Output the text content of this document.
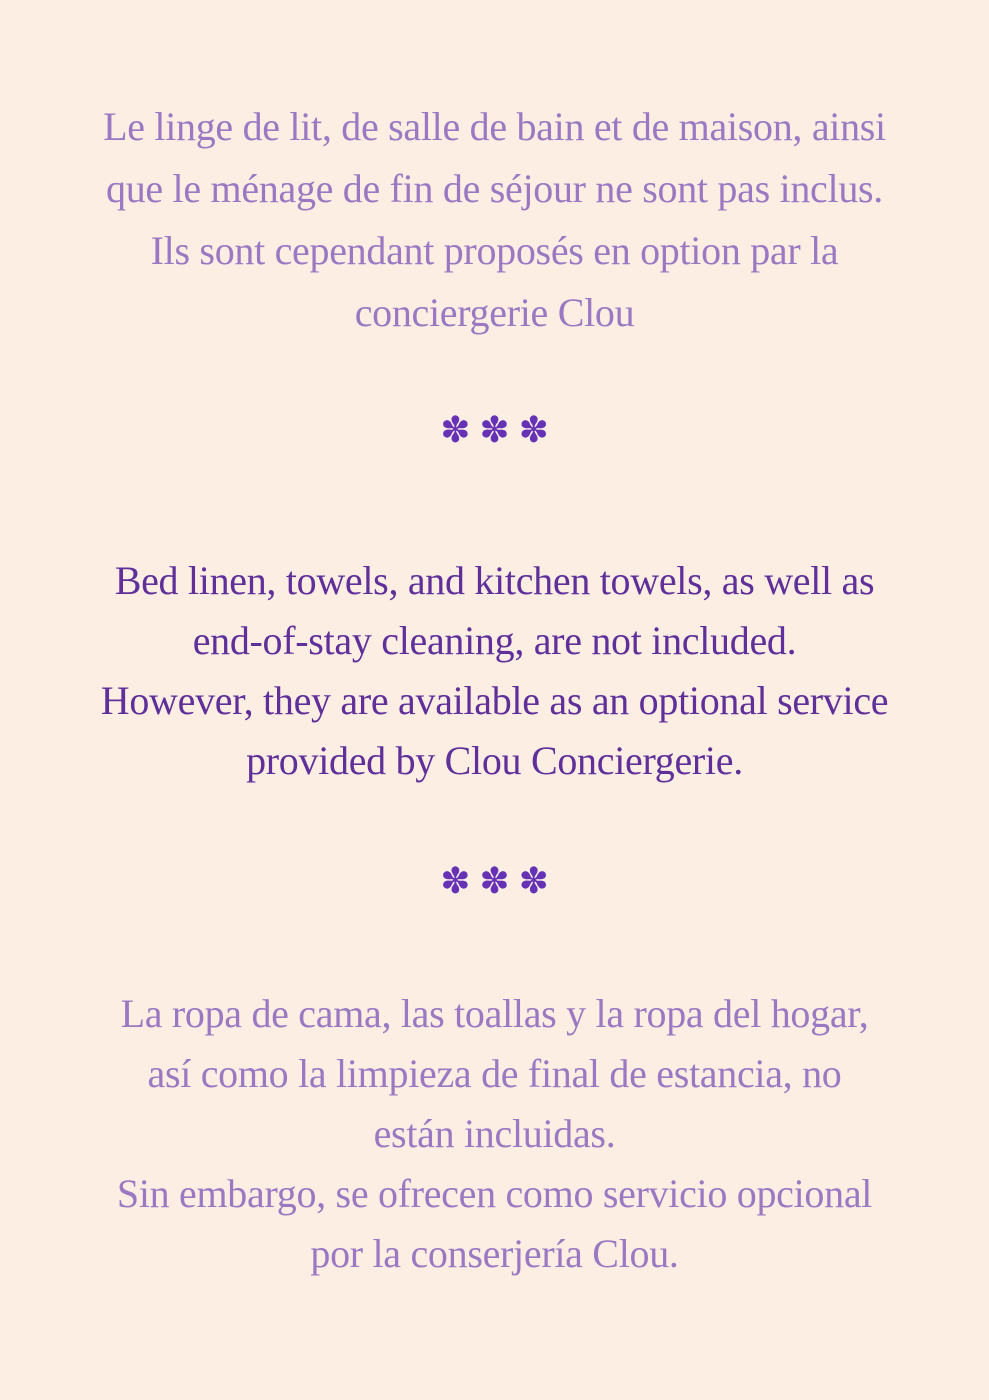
Le linge de lit, de salle de bain et de maison, ainsi
que le ménage de fin de séjour ne sont pas inclus.
Ils sont cependant proposés en option par la
conciergerie Clou
✽✽✽
Bed linen, towels, and kitchen towels, as well as
end-of-stay cleaning, are not included.
However, they are available as an optional service
provided by Clou Conciergerie.
✽✽✽
La ropa de cama, las toallas y la ropa del hogar,
así como la limpieza de final de estancia, no
están incluidas.
Sin embargo, se ofrecen como servicio opcional
por la conserjería Clou.
